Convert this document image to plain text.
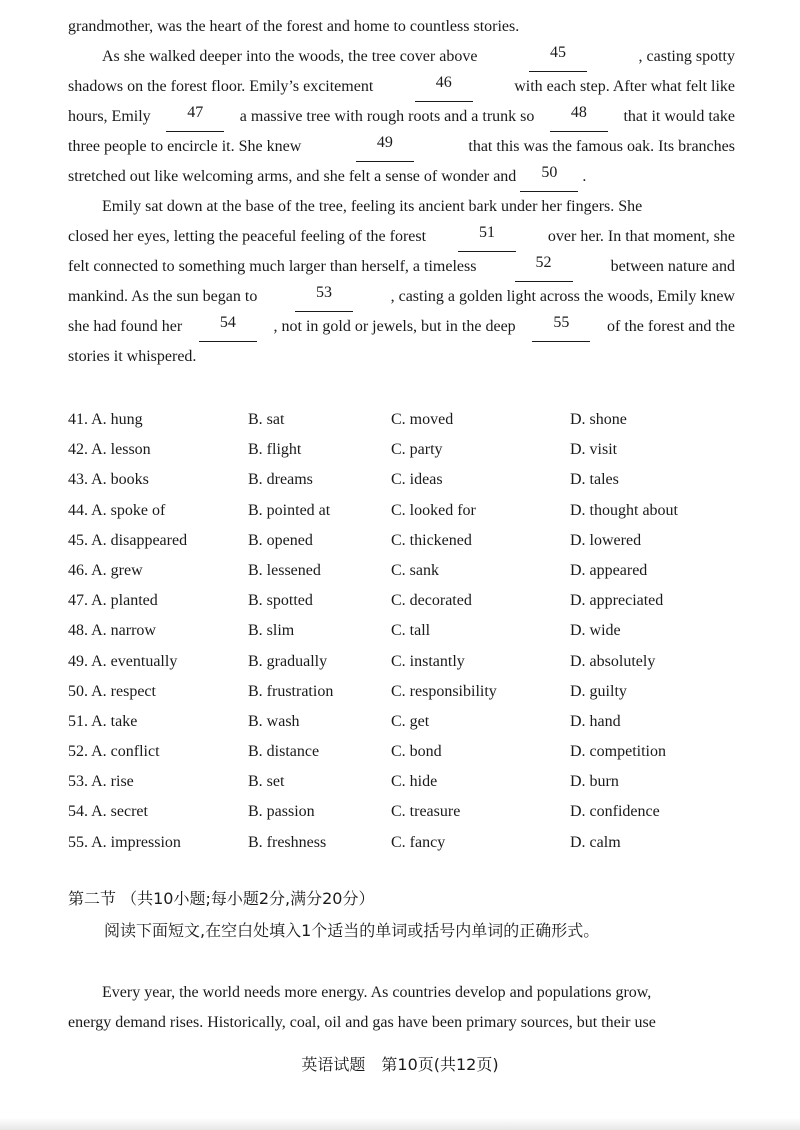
grandmother, was the heart of the forest and home to countless stories.
As she walked deeper into the woods, the tree cover above	45	, casting spotty
shadows on the forest floor. Emily’s excitement	46	with each step. After what felt like
hours, Emily	47	a massive tree with rough roots and a trunk so	48	that it would take
three people to encircle it. She knew	49	that this was the famous oak. Its branches
stretched out like welcoming arms, and she felt a sense of wonder and	50	.
Emily sat down at the base of the tree, feeling its ancient bark under her fingers. She
closed her eyes, letting the peaceful feeling of the forest	51	over her. In that moment, she
felt connected to something much larger than herself, a timeless	52	between nature and
mankind. As the sun began to	53	, casting a golden light across the woods, Emily knew
she had found her	54	, not in gold or jewels, but in the deep	55	of the forest and the
stories it whispered.
41. A. hung	B. sat	C. moved	D. shone
42. A. lesson	B. flight	C. party	D. visit
43. A. books	B. dreams	C. ideas	D. tales
44. A. spoke of	B. pointed at	C. looked for	D. thought about
45. A. disappeared	B. opened	C. thickened	D. lowered
46. A. grew	B. lessened	C. sank	D. appeared
47. A. planted	B. spotted	C. decorated	D. appreciated
48. A. narrow	B. slim	C. tall	D. wide
49. A. eventually	B. gradually	C. instantly	D. absolutely
50. A. respect	B. frustration	C. responsibility	D. guilty
51. A. take	B. wash	C. get	D. hand
52. A. conflict	B. distance	C. bond	D. competition
53. A. rise	B. set	C. hide	D. burn
54. A. secret	B. passion	C. treasure	D. confidence
55. A. impression	B. freshness	C. fancy	D. calm
第二节 （共10小题;每小题2分,满分20分）
阅读下面短文,在空白处填入1个适当的单词或括号内单词的正确形式。
Every year, the world needs more energy. As countries develop and populations grow,
energy demand rises. Historically, coal, oil and gas have been primary sources, but their use
英语试题　第10页(共12页)
